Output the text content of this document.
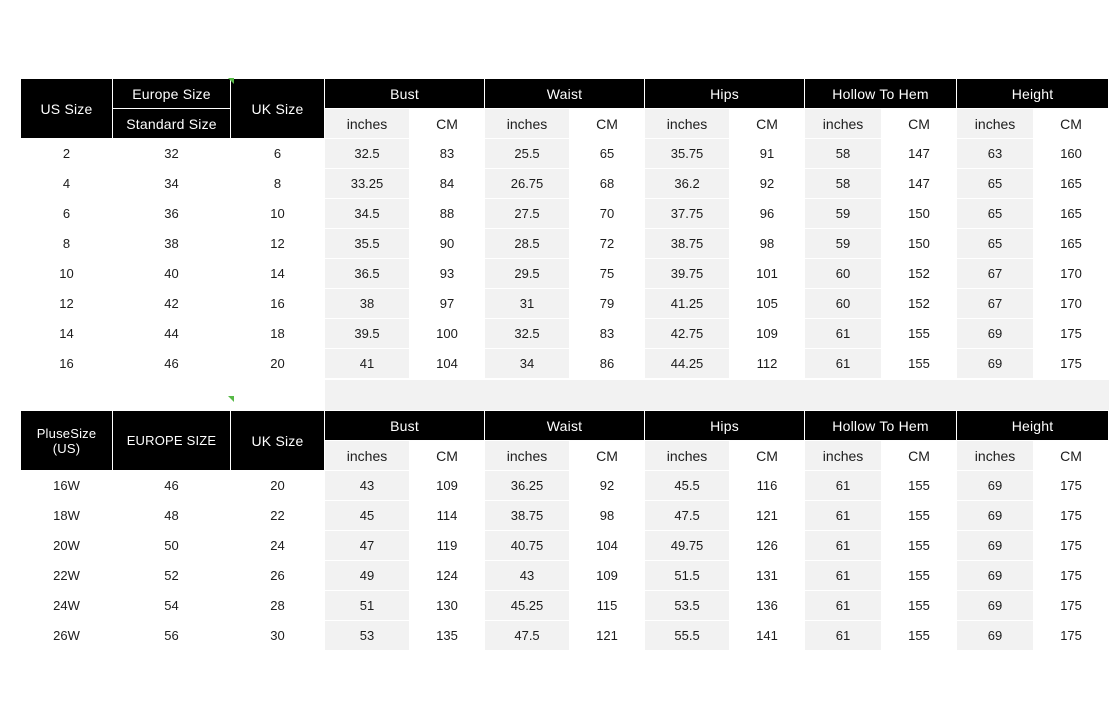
US Size	Europe Size	UK Size	Bust		Waist		Hips		Hollow To Hem		Height	
	Standard Size		inches	CM	inches	CM	inches	CM	inches	CM	inches	CM
2	32	6	32.5	83	25.5	65	35.75	91	58	147	63	160
4	34	8	33.25	84	26.75	68	36.2	92	58	147	65	165
6	36	10	34.5	88	27.5	70	37.75	96	59	150	65	165
8	38	12	35.5	90	28.5	72	38.75	98	59	150	65	165
10	40	14	36.5	93	29.5	75	39.75	101	60	152	67	170
12	42	16	38	97	31	79	41.25	105	60	152	67	170
14	44	18	39.5	100	32.5	83	42.75	109	61	155	69	175
16	46	20	41	104	34	86	44.25	112	61	155	69	175

PluseSize
(US)	EUROPE SIZE	UK Size	Bust		Waist		Hips		Hollow To Hem		Height	
			inches	CM	inches	CM	inches	CM	inches	CM	inches	CM
16W	46	20	43	109	36.25	92	45.5	116	61	155	69	175
18W	48	22	45	114	38.75	98	47.5	121	61	155	69	175
20W	50	24	47	119	40.75	104	49.75	126	61	155	69	175
22W	52	26	49	124	43	109	51.5	131	61	155	69	175
24W	54	28	51	130	45.25	115	53.5	136	61	155	69	175
26W	56	30	53	135	47.5	121	55.5	141	61	155	69	175
